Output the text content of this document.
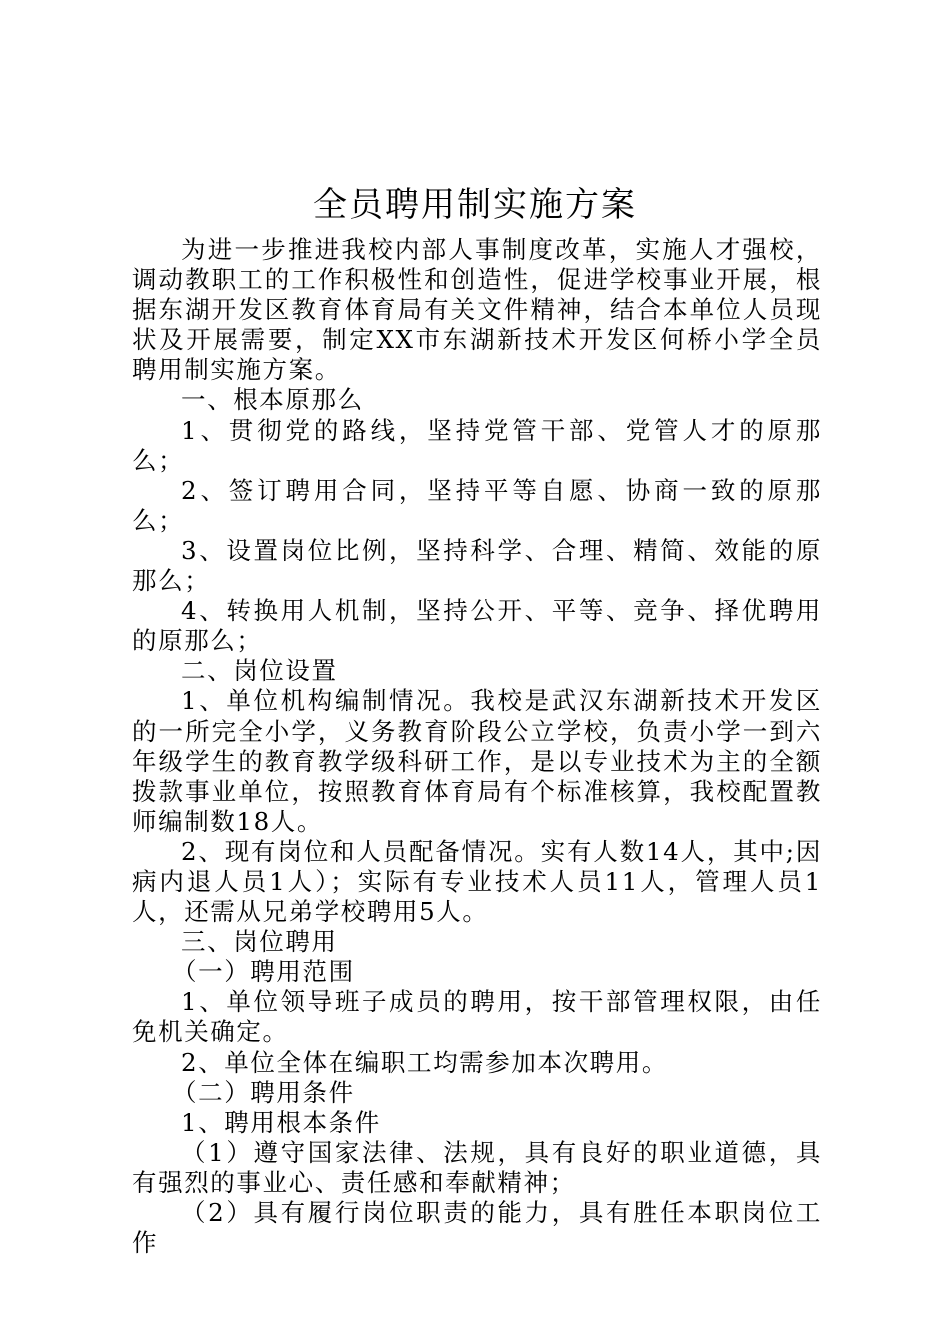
全员聘用制实施方案

为进一步推进我校内部人事制度改革，实施人才强校，调动教职工的工作积极性和创造性，促进学校事业开展，根据东湖开发区教育体育局有关文件精神，结合本单位人员现状及开展需要，制定XX市东湖新技术开发区何桥小学全员聘用制实施方案。

一、根本原那么

1、贯彻党的路线，坚持党管干部、党管人才的原那么；

2、签订聘用合同，坚持平等自愿、协商一致的原那么；

3、设置岗位比例，坚持科学、合理、精简、效能的原那么；

4、转换用人机制，坚持公开、平等、竞争、择优聘用的原那么；

二、岗位设置

1、单位机构编制情况。我校是武汉东湖新技术开发区的一所完全小学，义务教育阶段公立学校，负责小学一到六年级学生的教育教学级科研工作，是以专业技术为主的全额拨款事业单位，按照教育体育局有个标准核算，我校配置教师编制数18人。

2、现有岗位和人员配备情况。实有人数14人，其中;因病内退人员1人）；实际有专业技术人员11人，管理人员1人，还需从兄弟学校聘用5人。

三、岗位聘用

（一）聘用范围

1、单位领导班子成员的聘用，按干部管理权限，由任免机关确定。

2、单位全体在编职工均需参加本次聘用。

（二）聘用条件

1、聘用根本条件

（1）遵守国家法律、法规，具有良好的职业道德，具有强烈的事业心、责任感和奉献精神；

（2）具有履行岗位职责的能力，具有胜任本职岗位工作
